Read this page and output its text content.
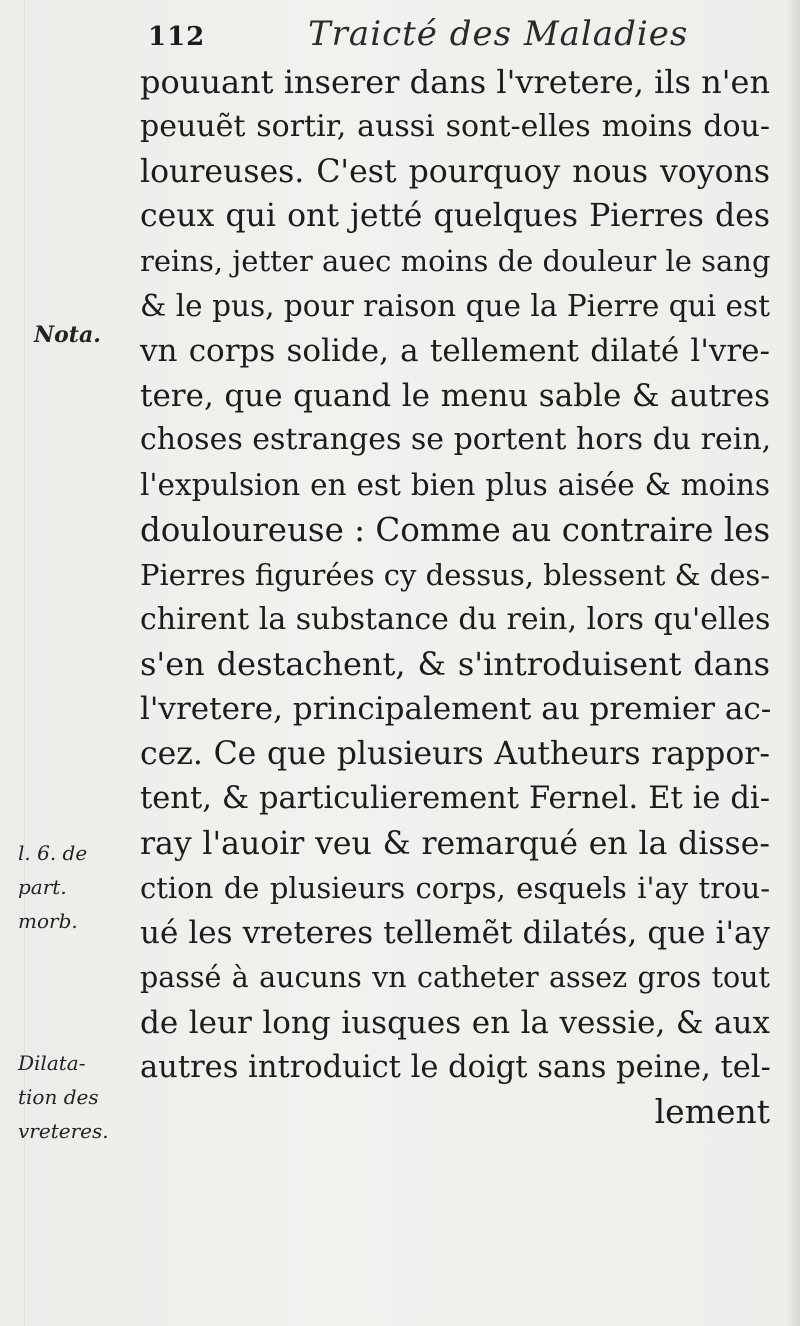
112	Traicté des Maladies
Nota.
l. 6. de
part.
morb.
Dilata-
tion des
vreteres.
pouuant inserer dans l'vretere, ils n'en
peuuẽt sortir, aussi sont-elles moins dou-
loureuses. C'est pourquoy nous voyons
ceux qui ont jetté quelques Pierres des
reins, jetter auec moins de douleur le sang
& le pus, pour raison que la Pierre qui est
vn corps solide, a tellement dilaté l'vre-
tere, que quand le menu sable & autres
choses estranges se portent hors du rein,
l'expulsion en est bien plus aisée & moins
douloureuse : Comme au contraire les
Pierres figurées cy dessus, blessent & des-
chirent la substance du rein, lors qu'elles
s'en destachent, & s'introduisent dans
l'vretere, principalement au premier ac-
cez. Ce que plusieurs Autheurs rappor-
tent, & particulierement Fernel. Et ie di-
ray l'auoir veu & remarqué en la disse-
ction de plusieurs corps, esquels i'ay trou-
ué les vreteres tellemẽt dilatés, que i'ay
passé à aucuns vn catheter assez gros tout
de leur long iusques en la vessie, & aux
autres introduict le doigt sans peine, tel-
lement
